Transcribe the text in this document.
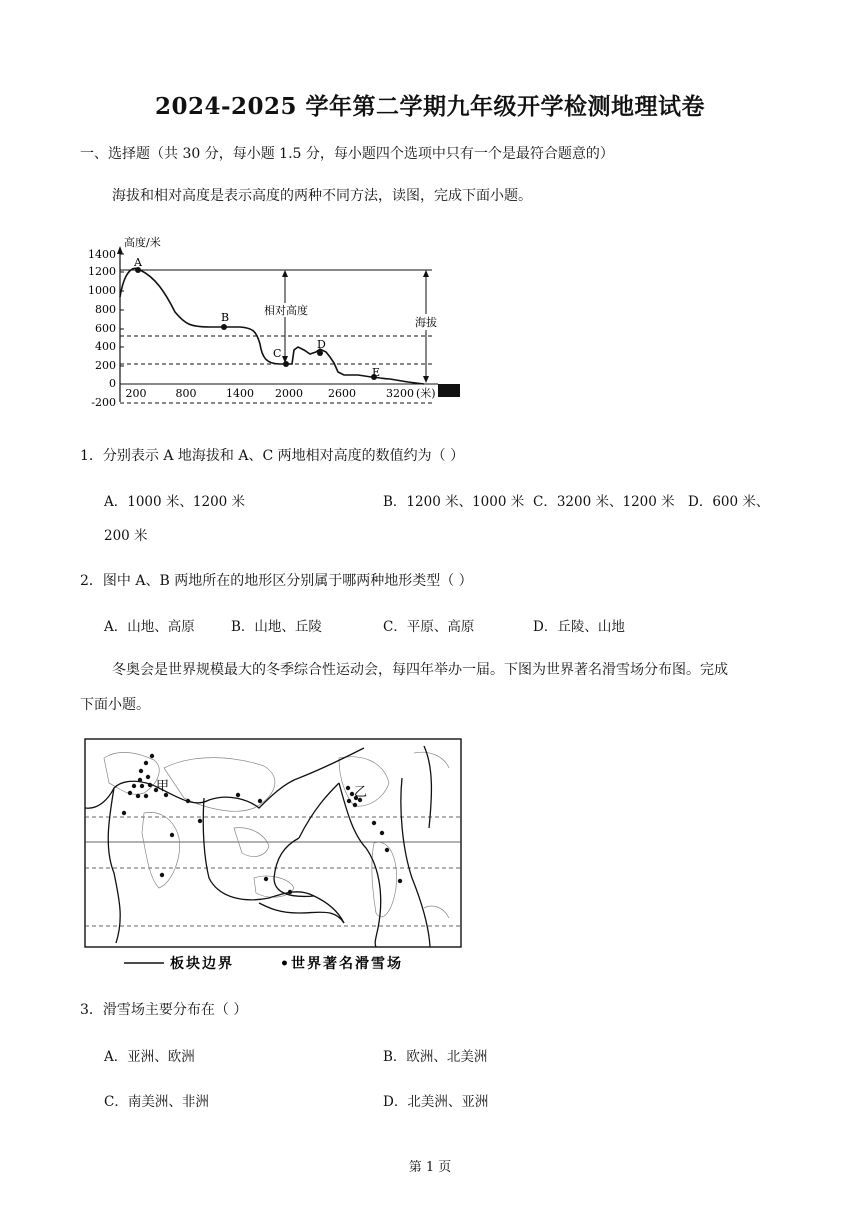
2024-2025 学年第二学期九年级开学检测地理试卷
一、选择题（共 30 分，每小题 1.5 分，每小题四个选项中只有一个是最符合题意的）
海拔和相对高度是表示高度的两种不同方法，读图，完成下面小题。
1400
1200
1000
800
600
400
200
0
-200
高度/米
200	800	1400 2000 2600	3200 (米)
A
B
C
D
E
相对高度
海拔
1．分别表示 A 地海拔和 A、C 两地相对高度的数值约为（ ）
A．1000 米、1200 米	B．1200 米、1000 米 C．3200 米、1200 米 D．600 米、
200 米
2．图中 A、B 两地所在的地形区分别属于哪两种地形类型（ ）
A．山地、高原	B．山地、丘陵	C．平原、高原	D．丘陵、山地
冬奥会是世界规模最大的冬季综合性运动会，每四年举办一届。下图为世界著名滑雪场分布图。完成
下面小题。
甲	乙
板块边界	•世界著名滑雪场
3．滑雪场主要分布在（ ）
A．亚洲、欧洲	B．欧洲、北美洲
C．南美洲、非洲	D．北美洲、亚洲
第 1 页
